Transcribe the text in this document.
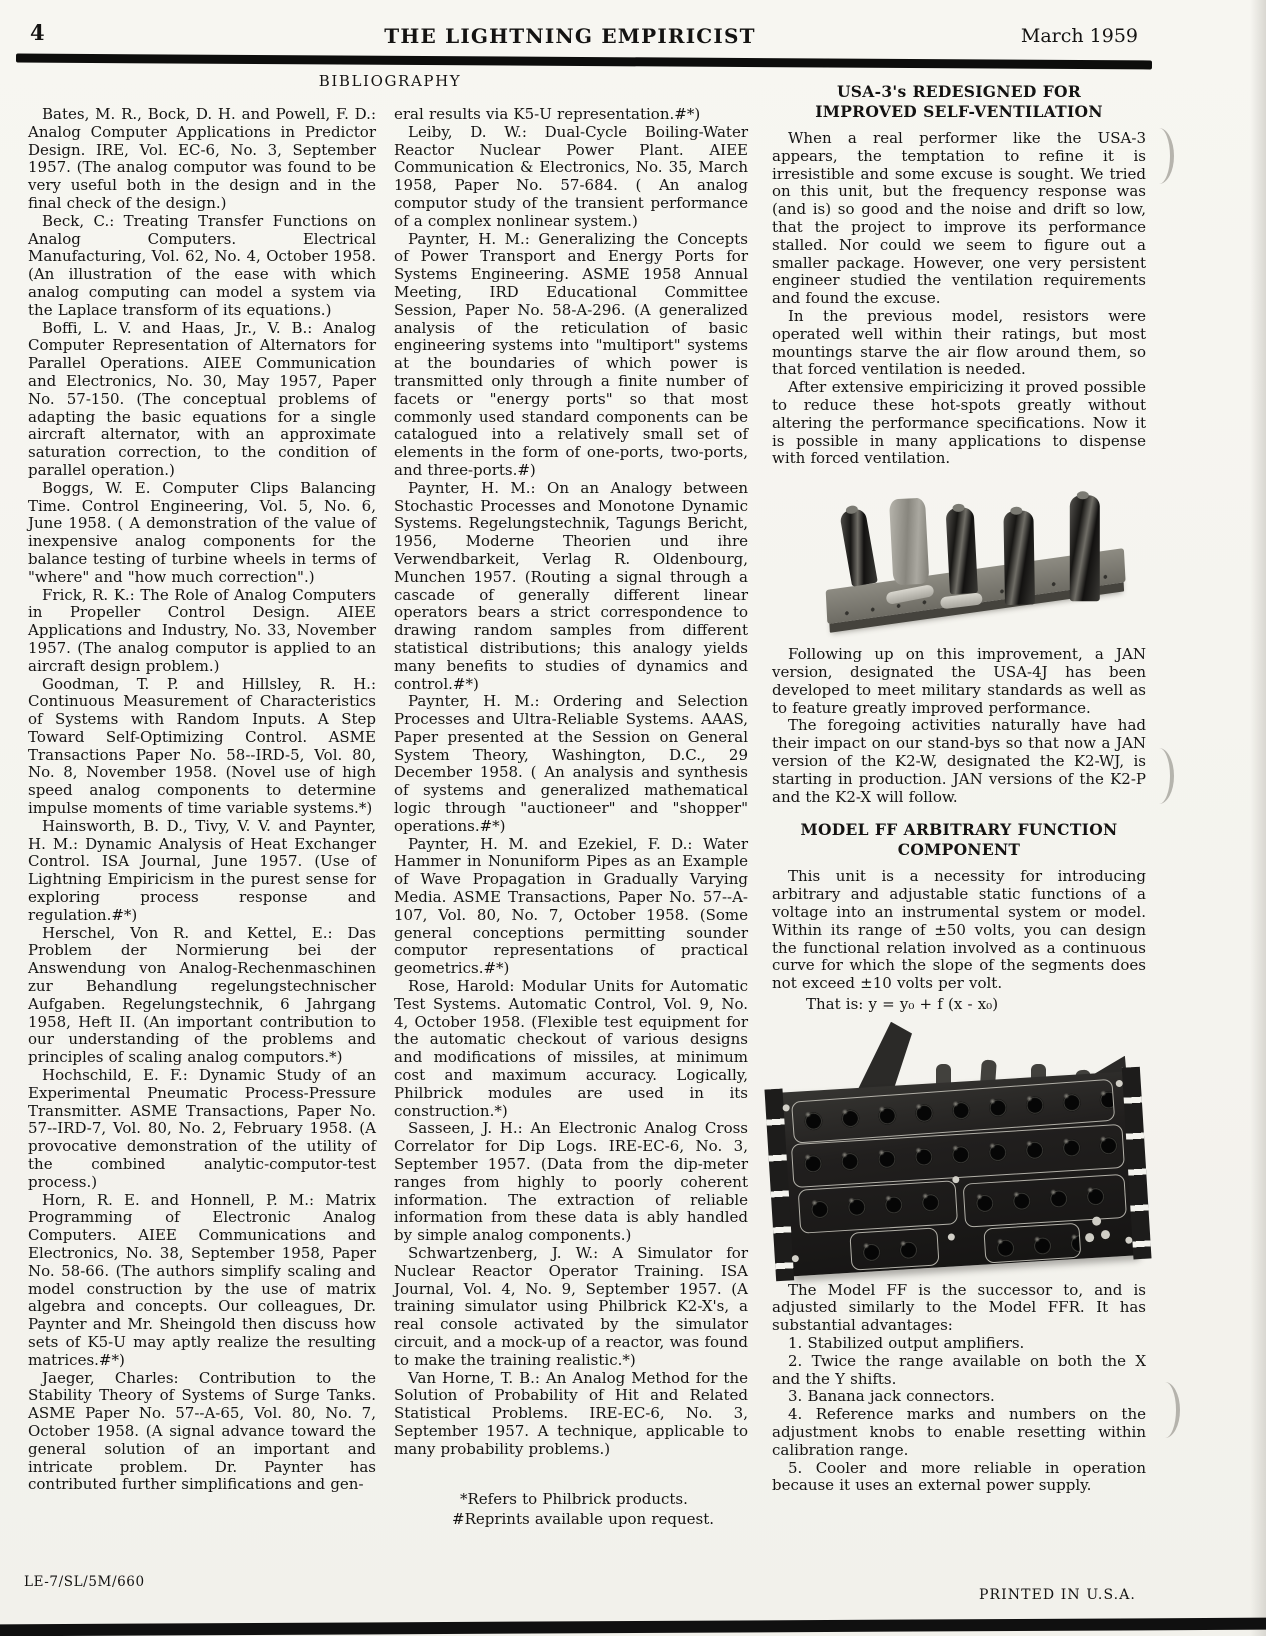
4	THE LIGHTNING EMPIRICIST	March 1959
BIBLIOGRAPHY

Bates, M. R., Bock, D. H. and Powell, F. D.: Analog Computer Applications in Predictor Design. IRE, Vol. EC-6, No. 3, September 1957. (The analog computor was found to be very useful both in the design and in the final check of the design.)

Beck, C.: Treating Transfer Functions on Analog Computers. Electrical Manufacturing, Vol. 62, No. 4, October 1958. (An illustration of the ease with which analog computing can model a system via the Laplace transform of its equations.)

Boffi, L. V. and Haas, Jr., V. B.: Analog Computer Representation of Alternators for Parallel Operations. AIEE Communication and Electronics, No. 30, May 1957, Paper No. 57-150. (The conceptual problems of adapting the basic equations for a single aircraft alternator, with an approximate saturation correction, to the condition of parallel operation.)

Boggs, W. E. Computer Clips Balancing Time. Control Engineering, Vol. 5, No. 6, June 1958. ( A demonstration of the value of inexpensive analog components for the balance testing of turbine wheels in terms of "where" and "how much correction".)

Frick, R. K.: The Role of Analog Computers in Propeller Control Design. AIEE Applications and Industry, No. 33, November 1957. (The analog computor is applied to an aircraft design problem.)

Goodman, T. P. and Hillsley, R. H.: Continuous Measurement of Characteristics of Systems with Random Inputs. A Step Toward Self-Optimizing Control. ASME Transactions Paper No. 58--IRD-5, Vol. 80, No. 8, November 1958. (Novel use of high speed analog components to determine impulse moments of time variable systems.*)

Hainsworth, B. D., Tivy, V. V. and Paynter, H. M.: Dynamic Analysis of Heat Exchanger Control. ISA Journal, June 1957. (Use of Lightning Empiricism in the purest sense for exploring process response and regulation.#*)

Herschel, Von R. and Kettel, E.: Das Problem der Normierung bei der Answendung von Analog-Rechenmaschinen zur Behandlung regelungstechnischer Aufgaben. Regelungstechnik, 6 Jahrgang 1958, Heft II. (An important contribution to our understanding of the problems and principles of scaling analog computors.*)

Hochschild, E. F.: Dynamic Study of an Experimental Pneumatic Process-Pressure Transmitter. ASME Transactions, Paper No. 57--IRD-7, Vol. 80, No. 2, February 1958. (A provocative demonstration of the utility of the combined analytic-computor-test process.)

Horn, R. E. and Honnell, P. M.: Matrix Programming of Electronic Analog Computers. AIEE Communications and Electronics, No. 38, September 1958, Paper No. 58-66. (The authors simplify scaling and model construction by the use of matrix algebra and concepts. Our colleagues, Dr. Paynter and Mr. Sheingold then discuss how sets of K5-U may aptly realize the resulting matrices.#*)

Jaeger, Charles: Contribution to the Stability Theory of Systems of Surge Tanks. ASME Paper No. 57--A-65, Vol. 80, No. 7, October 1958. (A signal advance toward the general solution of an important and intricate problem. Dr. Paynter has contributed further simplifications and gen-

eral results via K5-U representation.#*)

Leiby, D. W.: Dual-Cycle Boiling-Water Reactor Nuclear Power Plant. AIEE Communication & Electronics, No. 35, March 1958, Paper No. 57-684. ( An analog computor study of the transient performance of a complex nonlinear system.)

Paynter, H. M.: Generalizing the Concepts of Power Transport and Energy Ports for Systems Engineering. ASME 1958 Annual Meeting, IRD Educational Committee Session, Paper No. 58-A-296. (A generalized analysis of the reticulation of basic engineering systems into "multiport" systems at the boundaries of which power is transmitted only through a finite number of facets or "energy ports" so that most commonly used standard components can be catalogued into a relatively small set of elements in the form of one-ports, two-ports, and three-ports.#)

Paynter, H. M.: On an Analogy between Stochastic Processes and Monotone Dynamic Systems. Regelungstechnik, Tagungs Bericht, 1956, Moderne Theorien und ihre Verwendbarkeit, Verlag R. Oldenbourg, Munchen 1957. (Routing a signal through a cascade of generally different linear operators bears a strict correspondence to drawing random samples from different statistical distributions; this analogy yields many benefits to studies of dynamics and control.#*)

Paynter, H. M.: Ordering and Selection Processes and Ultra-Reliable Systems. AAAS, Paper presented at the Session on General System Theory, Washington, D.C., 29 December 1958. ( An analysis and synthesis of systems and generalized mathematical logic through "auctioneer" and "shopper" operations.#*)

Paynter, H. M. and Ezekiel, F. D.: Water Hammer in Nonuniform Pipes as an Example of Wave Propagation in Gradually Varying Media. ASME Transactions, Paper No. 57--A-107, Vol. 80, No. 7, October 1958. (Some general conceptions permitting sounder computor representations of practical geometrics.#*)

Rose, Harold: Modular Units for Automatic Test Systems. Automatic Control, Vol. 9, No. 4, October 1958. (Flexible test equipment for the automatic checkout of various designs and modifications of missiles, at minimum cost and maximum accuracy. Logically, Philbrick modules are used in its construction.*)

Sasseen, J. H.: An Electronic Analog Cross Correlator for Dip Logs. IRE-EC-6, No. 3, September 1957. (Data from the dip-meter ranges from highly to poorly coherent information. The extraction of reliable information from these data is ably handled by simple analog components.)

Schwartzenberg, J. W.: A Simulator for Nuclear Reactor Operator Training. ISA Journal, Vol. 4, No. 9, September 1957. (A training simulator using Philbrick K2-X's, a real console activated by the simulator circuit, and a mock-up of a reactor, was found to make the training realistic.*)

Van Horne, T. B.: An Analog Method for the Solution of Probability of Hit and Related Statistical Problems. IRE-EC-6, No. 3, September 1957. A technique, applicable to many probability problems.)

*Refers to Philbrick products.

#Reprints available upon request.

USA-3's REDESIGNED FOR
IMPROVED SELF-VENTILATION

When a real performer like the USA-3 appears, the temptation to refine it is irresistible and some excuse is sought. We tried on this unit, but the frequency response was (and is) so good and the noise and drift so low, that the project to improve its performance stalled. Nor could we seem to figure out a smaller package. However, one very persistent engineer studied the ventilation requirements and found the excuse.

In the previous model, resistors were operated well within their ratings, but most mountings starve the air flow around them, so that forced ventilation is needed.

After extensive empiricizing it proved possible to reduce these hot-spots greatly without altering the performance specifications. Now it is possible in many applications to dispense with forced ventilation.

Following up on this improvement, a JAN version, designated the USA-4J has been developed to meet military standards as well as to feature greatly improved performance.

The foregoing activities naturally have had their impact on our stand-bys so that now a JAN version of the K2-W, designated the K2-WJ, is starting in production. JAN versions of the K2-P and the K2-X will follow.

MODEL FF ARBITRARY FUNCTION
COMPONENT

This unit is a necessity for introducing arbitrary and adjustable static functions of a voltage into an instrumental system or model. Within its range of ±50 volts, you can design the functional relation involved as a continuous curve for which the slope of the segments does not exceed ±10 volts per volt.

That is: y = y₀ + f (x - x₀)

The Model FF is the successor to, and is adjusted similarly to the Model FFR. It has substantial advantages:

1. Stabilized output amplifiers.

2. Twice the range available on both the X and the Y shifts.

3. Banana jack connectors.

4. Reference marks and numbers on the adjustment knobs to enable resetting within calibration range.

5. Cooler and more reliable in operation because it uses an external power supply.

LE-7/SL/5M/660
PRINTED IN U.S.A.
